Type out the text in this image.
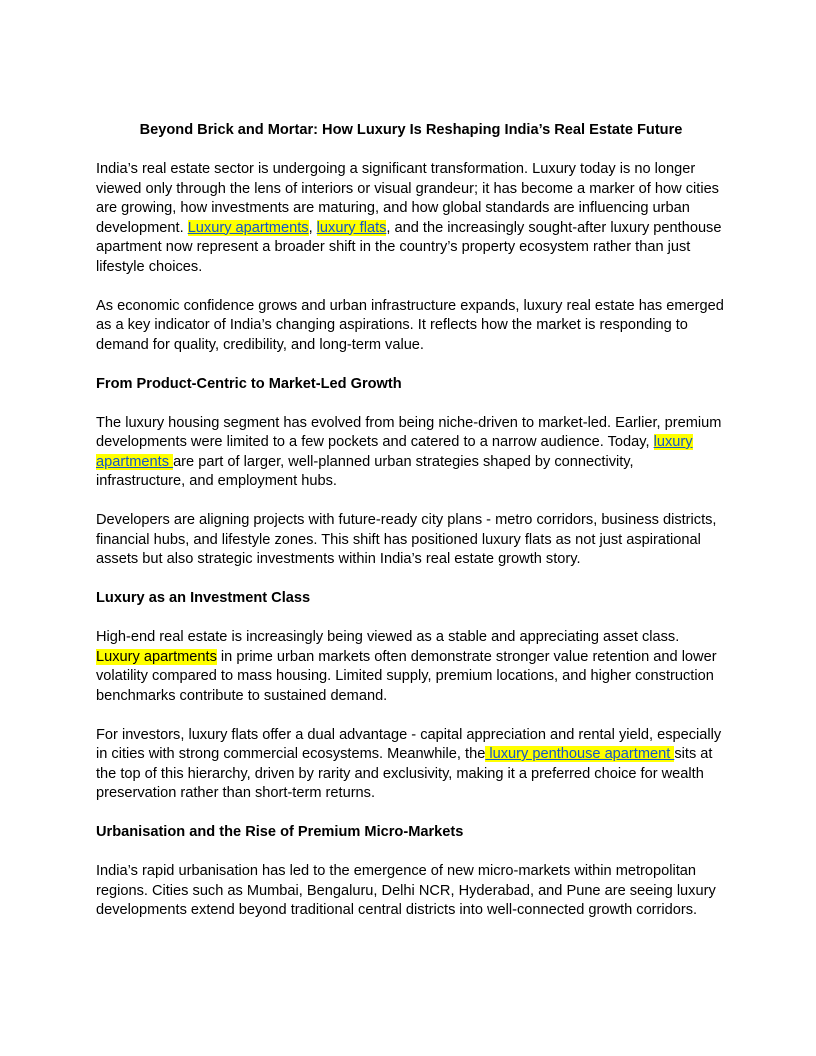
Beyond Brick and Mortar: How Luxury Is Reshaping India’s Real Estate Future

India’s real estate sector is undergoing a significant transformation. Luxury today is no longer viewed only through the lens of interiors or visual grandeur; it has become a marker of how cities are growing, how investments are maturing, and how global standards are influencing urban development. Luxury apartments, luxury flats, and the increasingly sought-after luxury penthouse apartment now represent a broader shift in the country’s property ecosystem rather than just lifestyle choices.

As economic confidence grows and urban infrastructure expands, luxury real estate has emerged as a key indicator of India’s changing aspirations. It reflects how the market is responding to demand for quality, credibility, and long-term value.

From Product-Centric to Market-Led Growth

The luxury housing segment has evolved from being niche-driven to market-led. Earlier, premium developments were limited to a few pockets and catered to a narrow audience. Today, luxury apartments are part of larger, well-planned urban strategies shaped by connectivity, infrastructure, and employment hubs.

Developers are aligning projects with future-ready city plans - metro corridors, business districts, financial hubs, and lifestyle zones. This shift has positioned luxury flats as not just aspirational assets but also strategic investments within India’s real estate growth story.

Luxury as an Investment Class

High-end real estate is increasingly being viewed as a stable and appreciating asset class. Luxury apartments in prime urban markets often demonstrate stronger value retention and lower volatility compared to mass housing. Limited supply, premium locations, and higher construction benchmarks contribute to sustained demand.

For investors, luxury flats offer a dual advantage - capital appreciation and rental yield, especially in cities with strong commercial ecosystems. Meanwhile, the luxury penthouse apartment sits at the top of this hierarchy, driven by rarity and exclusivity, making it a preferred choice for wealth preservation rather than short-term returns.

Urbanisation and the Rise of Premium Micro-Markets

India’s rapid urbanisation has led to the emergence of new micro-markets within metropolitan regions. Cities such as Mumbai, Bengaluru, Delhi NCR, Hyderabad, and Pune are seeing luxury developments extend beyond traditional central districts into well-connected growth corridors.
